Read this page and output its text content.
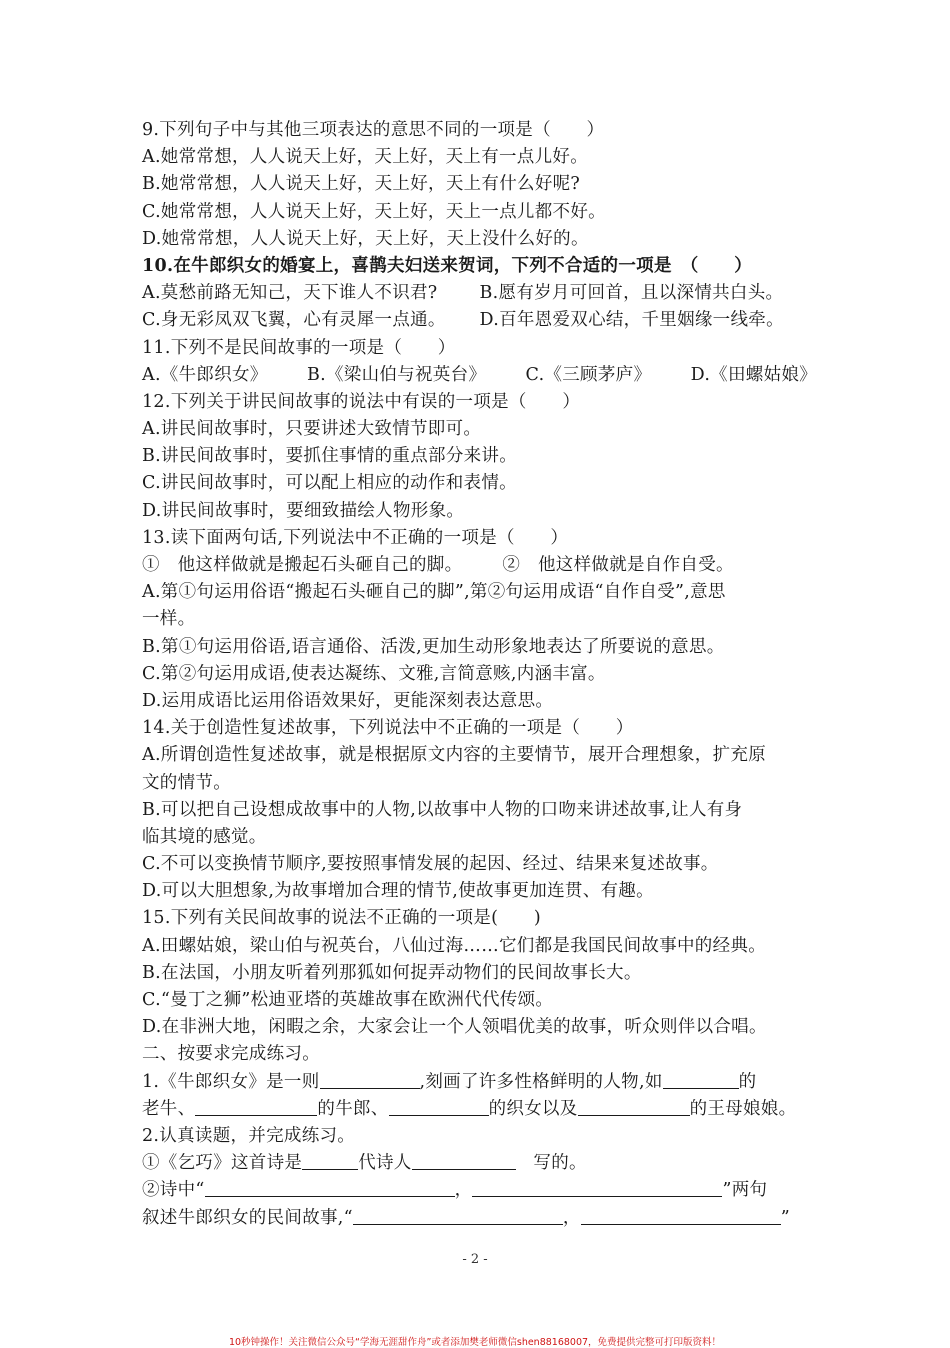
9.下列句子中与其他三项表达的意思不同的一项是（　　）
A.她常常想，人人说天上好，天上好，天上有一点儿好。
B.她常常想，人人说天上好，天上好，天上有什么好呢?
C.她常常想，人人说天上好，天上好，天上一点儿都不好。
D.她常常想，人人说天上好，天上好，天上没什么好的。
10.在牛郎织女的婚宴上，喜鹊夫妇送来贺词，下列不合适的一项是　（　　）
A.莫愁前路无知己，天下谁人不识君?	B.愿有岁月可回首，且以深情共白头。
C.身无彩凤双飞翼，心有灵犀一点通。	D.百年恩爱双心结，千里姻缘一线牵。
11.下列不是民间故事的一项是（　　）
A.《牛郎织女》 B.《梁山伯与祝英台》 C.《三顾茅庐》 D.《田螺姑娘》
12.下列关于讲民间故事的说法中有误的一项是（　　）
A.讲民间故事时，只要讲述大致情节即可。
B.讲民间故事时，要抓住事情的重点部分来讲。
C.讲民间故事时，可以配上相应的动作和表情。
D.讲民间故事时，要细致描绘人物形象。
13.读下面两句话,下列说法中不正确的一项是（　　）
①　他这样做就是搬起石头砸自己的脚。	②　他这样做就是自作自受。
A.第①句运用俗语“搬起石头砸自己的脚”,第②句运用成语“自作自受”,意思
一样。
B.第①句运用俗语,语言通俗、活泼,更加生动形象地表达了所要说的意思。
C.第②句运用成语,使表达凝练、文雅,言简意赅,内涵丰富。
D.运用成语比运用俗语效果好，更能深刻表达意思。
14.关于创造性复述故事，下列说法中不正确的一项是（　　）
A.所谓创造性复述故事，就是根据原文内容的主要情节，展开合理想象，扩充原
文的情节。
B.可以把自己设想成故事中的人物,以故事中人物的口吻来讲述故事,让人有身
临其境的感觉。
C.不可以变换情节顺序,要按照事情发展的起因、经过、结果来复述故事。
D.可以大胆想象,为故事增加合理的情节,使故事更加连贯、有趣。
15.下列有关民间故事的说法不正确的一项是(　　)
A.田螺姑娘，梁山伯与祝英台，八仙过海……它们都是我国民间故事中的经典。
B.在法国，小朋友听着列那狐如何捉弄动物们的民间故事长大。
C.“曼丁之狮”松迪亚塔的英雄故事在欧洲代代传颂。
D.在非洲大地，闲暇之余，大家会让一个人领唱优美的故事，听众则伴以合唱。
二、按要求完成练习。
1.《牛郎织女》是一则	,刻画了许多性格鲜明的人物,如	的
老牛、	的牛郎、	的织女以及	的王母娘娘。
2.认真读题，并完成练习。
①《乞巧》这首诗是	代诗人	　写的。
②诗中“	，	”两句
叙述牛郎织女的民间故事,“	，	”
- 2 -
10秒钟操作！关注微信公众号“学海无涯甜作舟”或者添加樊老师微信shen88168007，免费提供完整可打印版资料！
